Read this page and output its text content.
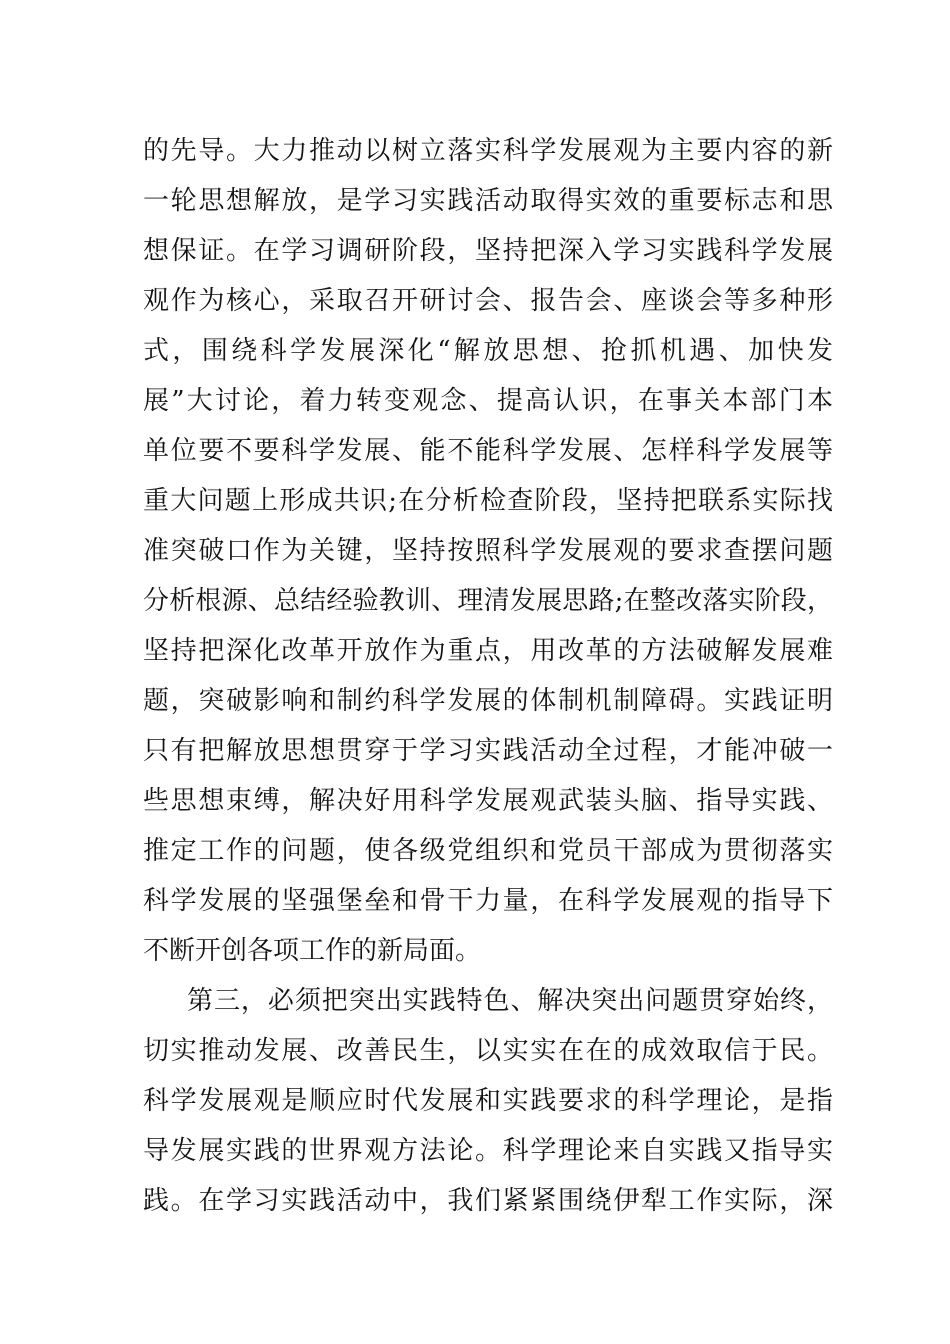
的先导。大力推动以树立落实科学发展观为主要内容的新
一轮思想解放，是学习实践活动取得实效的重要标志和思
想保证。在学习调研阶段，坚持把深入学习实践科学发展
观作为核心，采取召开研讨会、报告会、座谈会等多种形
式，围绕科学发展深化“解放思想、抢抓机遇、加快发
展”大讨论，着力转变观念、提高认识，在事关本部门本
单位要不要科学发展、能不能科学发展、怎样科学发展等
重大问题上形成共识;在分析检查阶段，坚持把联系实际找
准突破口作为关键，坚持按照科学发展观的要求查摆问题
分析根源、总结经验教训、理清发展思路;在整改落实阶段，
坚持把深化改革开放作为重点，用改革的方法破解发展难
题，突破影响和制约科学发展的体制机制障碍。实践证明
只有把解放思想贯穿于学习实践活动全过程，才能冲破一
些思想束缚，解决好用科学发展观武装头脑、指导实践、
推定工作的问题，使各级党组织和党员干部成为贯彻落实
科学发展的坚强堡垒和骨干力量，在科学发展观的指导下
不断开创各项工作的新局面。
第三，必须把突出实践特色、解决突出问题贯穿始终，
切实推动发展、改善民生，以实实在在的成效取信于民。
科学发展观是顺应时代发展和实践要求的科学理论，是指
导发展实践的世界观方法论。科学理论来自实践又指导实
践。在学习实践活动中，我们紧紧围绕伊犁工作实际，深
